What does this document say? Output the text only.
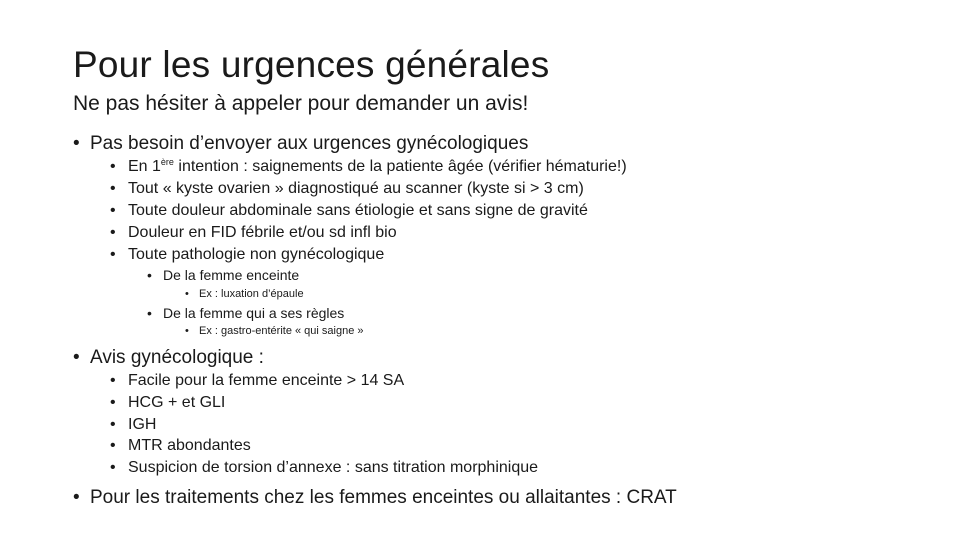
Pour les urgences générales
Ne pas hésiter à appeler pour demander un avis!
• Pas besoin d’envoyer aux urgences gynécologiques
• En 1ère intention : saignements de la patiente âgée (vérifier hématurie!)
• Tout « kyste ovarien » diagnostiqué au scanner (kyste si > 3 cm)
• Toute douleur abdominale sans étiologie et sans signe de gravité
• Douleur en FID fébrile et/ou sd infl bio
• Toute pathologie non gynécologique
• De la femme enceinte
• Ex : luxation d’épaule
• De la femme qui a ses règles
• Ex : gastro-entérite « qui saigne »
• Avis gynécologique :
• Facile pour la femme enceinte > 14 SA
• HCG + et GLI
• IGH
• MTR abondantes
• Suspicion de torsion d’annexe : sans titration morphinique
• Pour les traitements chez les femmes enceintes ou allaitantes : CRAT
